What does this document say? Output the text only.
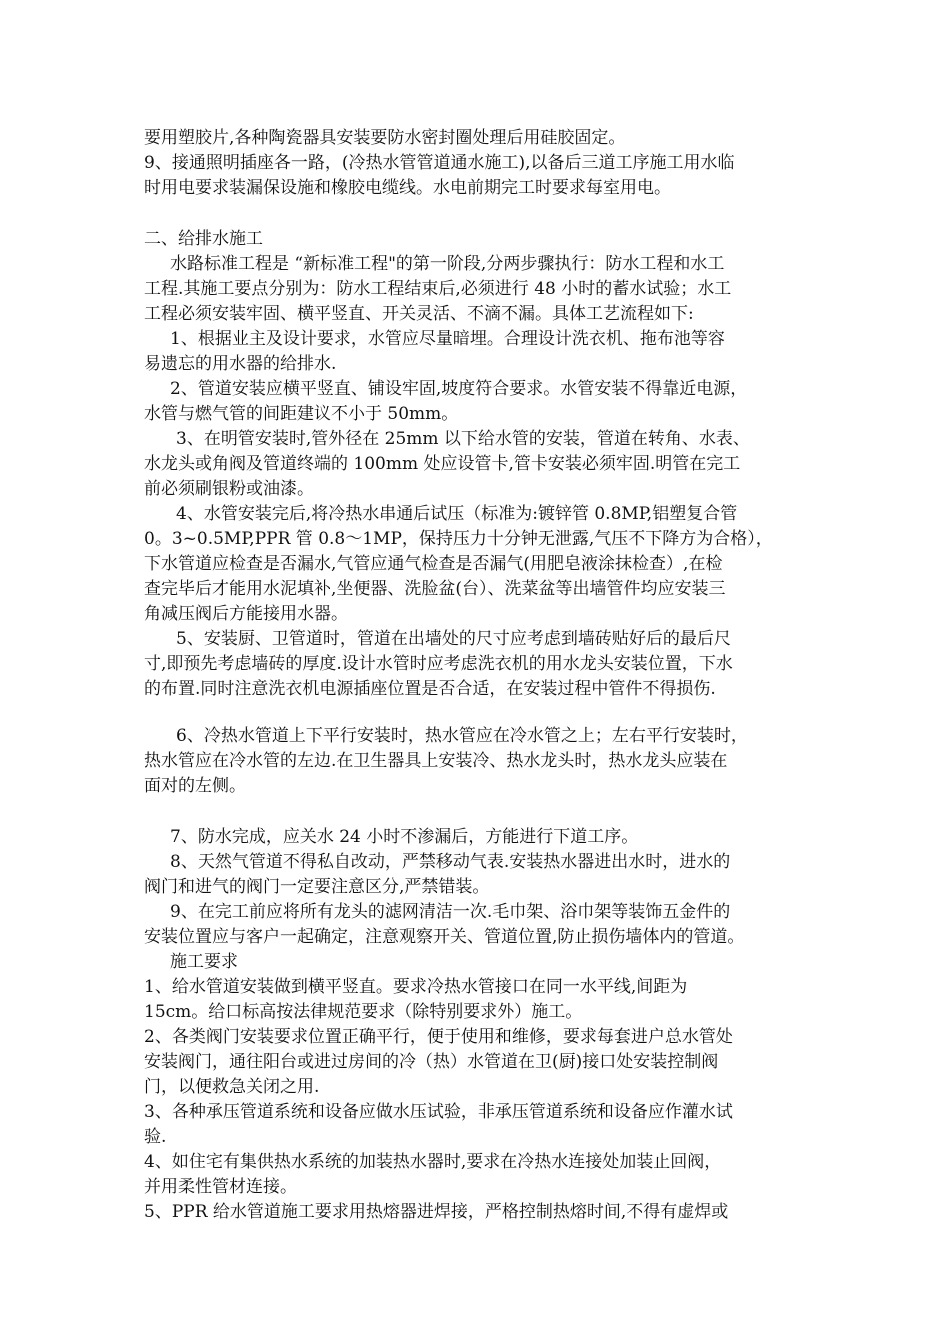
要用塑胶片,各种陶瓷器具安装要防水密封圈处理后用硅胶固定。
9、接通照明插座各一路，(冷热水管管道通水施工),以备后三道工序施工用水临
时用电要求装漏保设施和橡胶电缆线。水电前期完工时要求每室用电。
二、给排水施工
水路标准工程是 “新标准工程"的第一阶段,分两步骤执行：防水工程和水工
工程.其施工要点分别为：防水工程结束后,必须进行 48 小时的蓄水试验；水工
工程必须安装牢固、横平竖直、开关灵活、不滴不漏。具体工艺流程如下:
1、根据业主及设计要求，水管应尽量暗埋。合理设计洗衣机、拖布池等容
易遗忘的用水器的给排水.
2、管道安装应横平竖直、铺设牢固,坡度符合要求。水管安装不得靠近电源，
水管与燃气管的间距建议不小于 50mm。
3、在明管安装时,管外径在 25mm 以下给水管的安装，管道在转角、水表、
水龙头或角阀及管道终端的 100mm 处应设管卡,管卡安装必须牢固.明管在完工
前必须刷银粉或油漆。
4、水管安装完后,将冷热水串通后试压（标准为:镀锌管 0.8MP,铝塑复合管
0。3~0.5MP,PPR 管 0.8～1MP，保持压力十分钟无泄露,气压不下降方为合格），
下水管道应检查是否漏水,气管应通气检查是否漏气(用肥皂液涂抹检查）,在检
查完毕后才能用水泥填补,坐便器、洗脸盆(台）、洗菜盆等出墙管件均应安装三
角减压阀后方能接用水器。
5、安装厨、卫管道时，管道在出墙处的尺寸应考虑到墙砖贴好后的最后尺
寸,即预先考虑墙砖的厚度.设计水管时应考虑洗衣机的用水龙头安装位置，下水
的布置.同时注意洗衣机电源插座位置是否合适，在安装过程中管件不得损伤.
6、冷热水管道上下平行安装时，热水管应在冷水管之上；左右平行安装时，
热水管应在冷水管的左边.在卫生器具上安装冷、热水龙头时，热水龙头应装在
面对的左侧。
7、防水完成，应关水 24 小时不渗漏后，方能进行下道工序。
8、天然气管道不得私自改动，严禁移动气表.安装热水器进出水时，进水的
阀门和进气的阀门一定要注意区分,严禁错装。
9、在完工前应将所有龙头的滤网清洁一次.毛巾架、浴巾架等装饰五金件的
安装位置应与客户一起确定，注意观察开关、管道位置,防止损伤墙体内的管道。
施工要求
1、给水管道安装做到横平竖直。要求冷热水管接口在同一水平线,间距为
15cm。给口标高按法律规范要求（除特别要求外）施工。
2、各类阀门安装要求位置正确平行，便于使用和维修，要求每套进户总水管处
安装阀门，通往阳台或进过房间的冷（热）水管道在卫(厨)接口处安装控制阀
门，以便救急关闭之用.
3、各种承压管道系统和设备应做水压试验，非承压管道系统和设备应作灌水试
验.
4、如住宅有集供热水系统的加装热水器时,要求在冷热水连接处加装止回阀，
并用柔性管材连接。
5、PPR 给水管道施工要求用热熔器进焊接，严格控制热熔时间,不得有虚焊或
